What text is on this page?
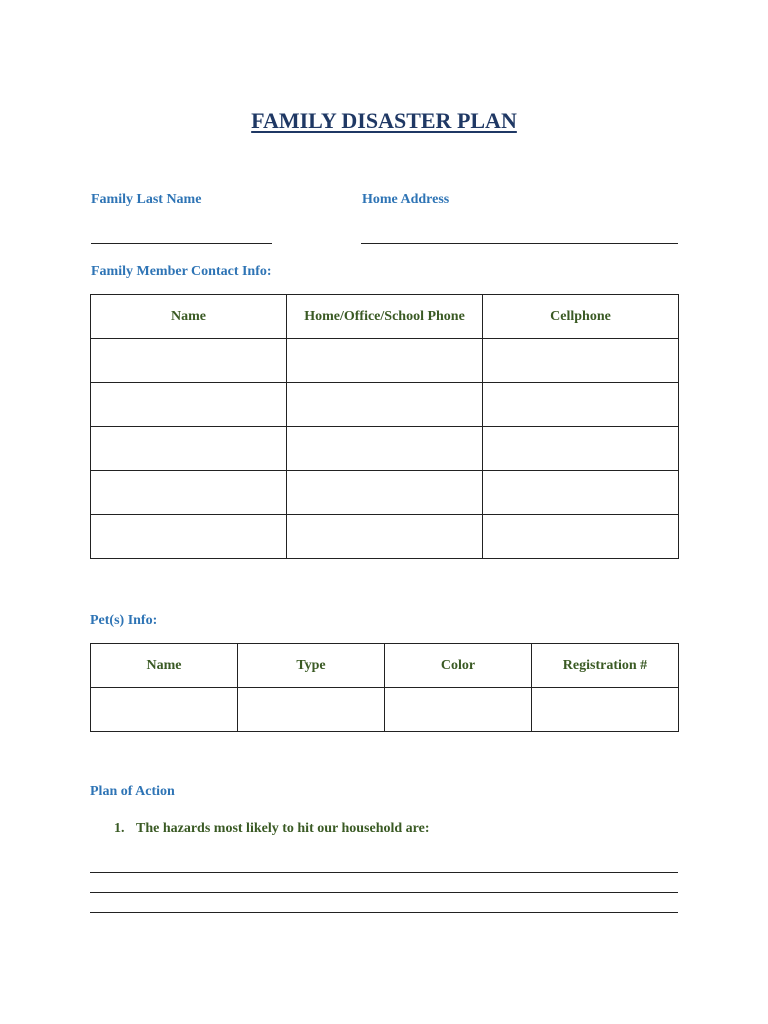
FAMILY DISASTER PLAN
Family Last Name	Home Address
Family Member Contact Info:
Name	Home/Office/School Phone	Cellphone

Pet(s) Info:
Name	Type	Color	Registration #

Plan of Action
1. The hazards most likely to hit our household are:
